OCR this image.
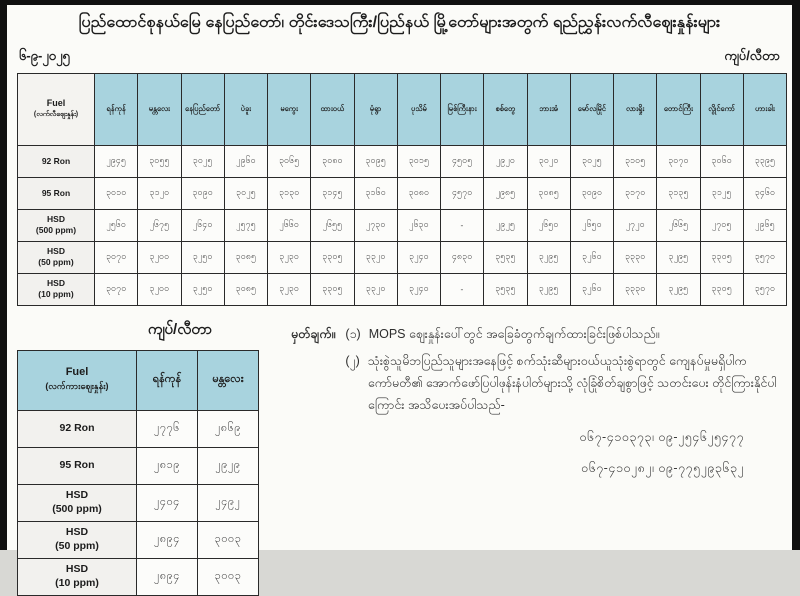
ပြည်ထောင်စုနယ်မြေ နေပြည်တော်၊ တိုင်းဒေသကြီး/ပြည်နယ် မြို့တော်များအတွက် ရည်ညွှန်းလက်လီဈေးနှုန်းများ
၆-၉-၂၀၂၅	ကျပ်/လီတာ
Fuel
(လက်လီဈေးနှုန်း)	ရန်ကုန်	မန္တလေး	နေပြည်တော်	ပဲခူး	မကွေး	ထားဝယ်	မုံရွာ	ပုသိမ်	မြစ်ကြီးနား	စစ်တွေ	ဘားအံ	မော်လမြိုင်	လားရှိုး	တောင်ကြီး	လွိုင်ကော်	ဟားခါး

92 Ron	၂၉၄၅	၃၀၅၅	၃၀၂၅	၂၉၆၀	၃၀၆၅	၃၀၈၀	၃၀၉၅	၃၀၁၅	၄၅၀၅	၂၉၂၀	၃၀၂၀	၃၀၂၅	၃၁၀၅	၃၀၇၀	၃၀၆၀	၃၃၉၅

95 Ron	၃၀၁၀	၃၁၂၀	၃၀၉၀	၃၀၂၅	၃၁၃၀	၃၁၄၅	၃၁၆၀	၃၀၈၀	၄၅၇၀	၂၉၈၅	၃၀၈၅	၃၀၉၀	၃၁၇၀	၃၁၃၅	၃၁၂၅	၃၄၆၀

HSD
(500 ppm)	၂၅၆၀	၂၆၇၅	၂၆၄၀	၂၅၇၅	၂၆၆၀	၂၆၅၅	၂၇၃၀	၂၆၃၀	-	၂၉၂၅	၂၆၅၀	၂၆၅၀	၂၇၂၀	၂၆၆၅	၂၇၀၅	၂၉၆၅

HSD
(50 ppm)	၃၀၇၀	၃၂၀၀	၃၂၅၀	၃၀၈၅	၃၂၃၀	၃၃၀၅	၃၃၂၀	၃၂၄၀	၄၈၃၀	၃၅၃၅	၃၂၉၅	၃၂၆၀	၃၃၃၀	၃၂၉၅	၃၃၀၅	၃၅၇၀

HSD
(10 ppm)	၃၀၇၀	၃၂၀၀	၃၂၅၀	၃၀၈၅	၃၂၃၀	၃၃၀၅	၃၃၂၀	၃၂၄၀	-	၃၅၃၅	၃၂၉၅	၃၂၆၀	၃၃၃၀	၃၂၉၅	၃၃၀၅	၃၅၇၀
ကျပ်/လီတာ
Fuel
(လက်ကားဈေးနှုန်း)	ရန်ကုန်	မန္တလေး

92 Ron	၂၇၇၆	၂၈၆၉

95 Ron	၂၈၁၉	၂၉၂၉

HSD
(500 ppm)	၂၄၀၄	၂၄၉၂

HSD
(50 ppm)	၂၈၉၄	၃၀၀၃

HSD
(10 ppm)	၂၈၉၄	၃၀၀၃
မှတ်ချက်။ (၁) MOPS ဈေးနှုန်းပေါ်တွင် အခြေခံတွက်ချက်ထားခြင်းဖြစ်ပါသည်။
(၂) သုံးစွဲသူမိဘပြည်သူများအနေဖြင့် စက်သုံးဆီများဝယ်ယူသုံးစွဲရာတွင် ကျေနပ်မှုမရှိပါက ကော်မတီ၏ အောက်ဖော်ပြပါဖုန်းနံပါတ်များသို့ လုံခြုံစိတ်ချစွာဖြင့် သတင်းပေး တိုင်ကြားနိုင်ပါကြောင်း အသိပေးအပ်ပါသည်-
၀၆၇-၄၁၀၃၇၃၊ ၀၉-၂၅၄၆၂၅၄၇၇
၀၆၇-၄၁၀၂၈၂၊ ၀၉-၇၇၅၂၉၃၆၃၂
